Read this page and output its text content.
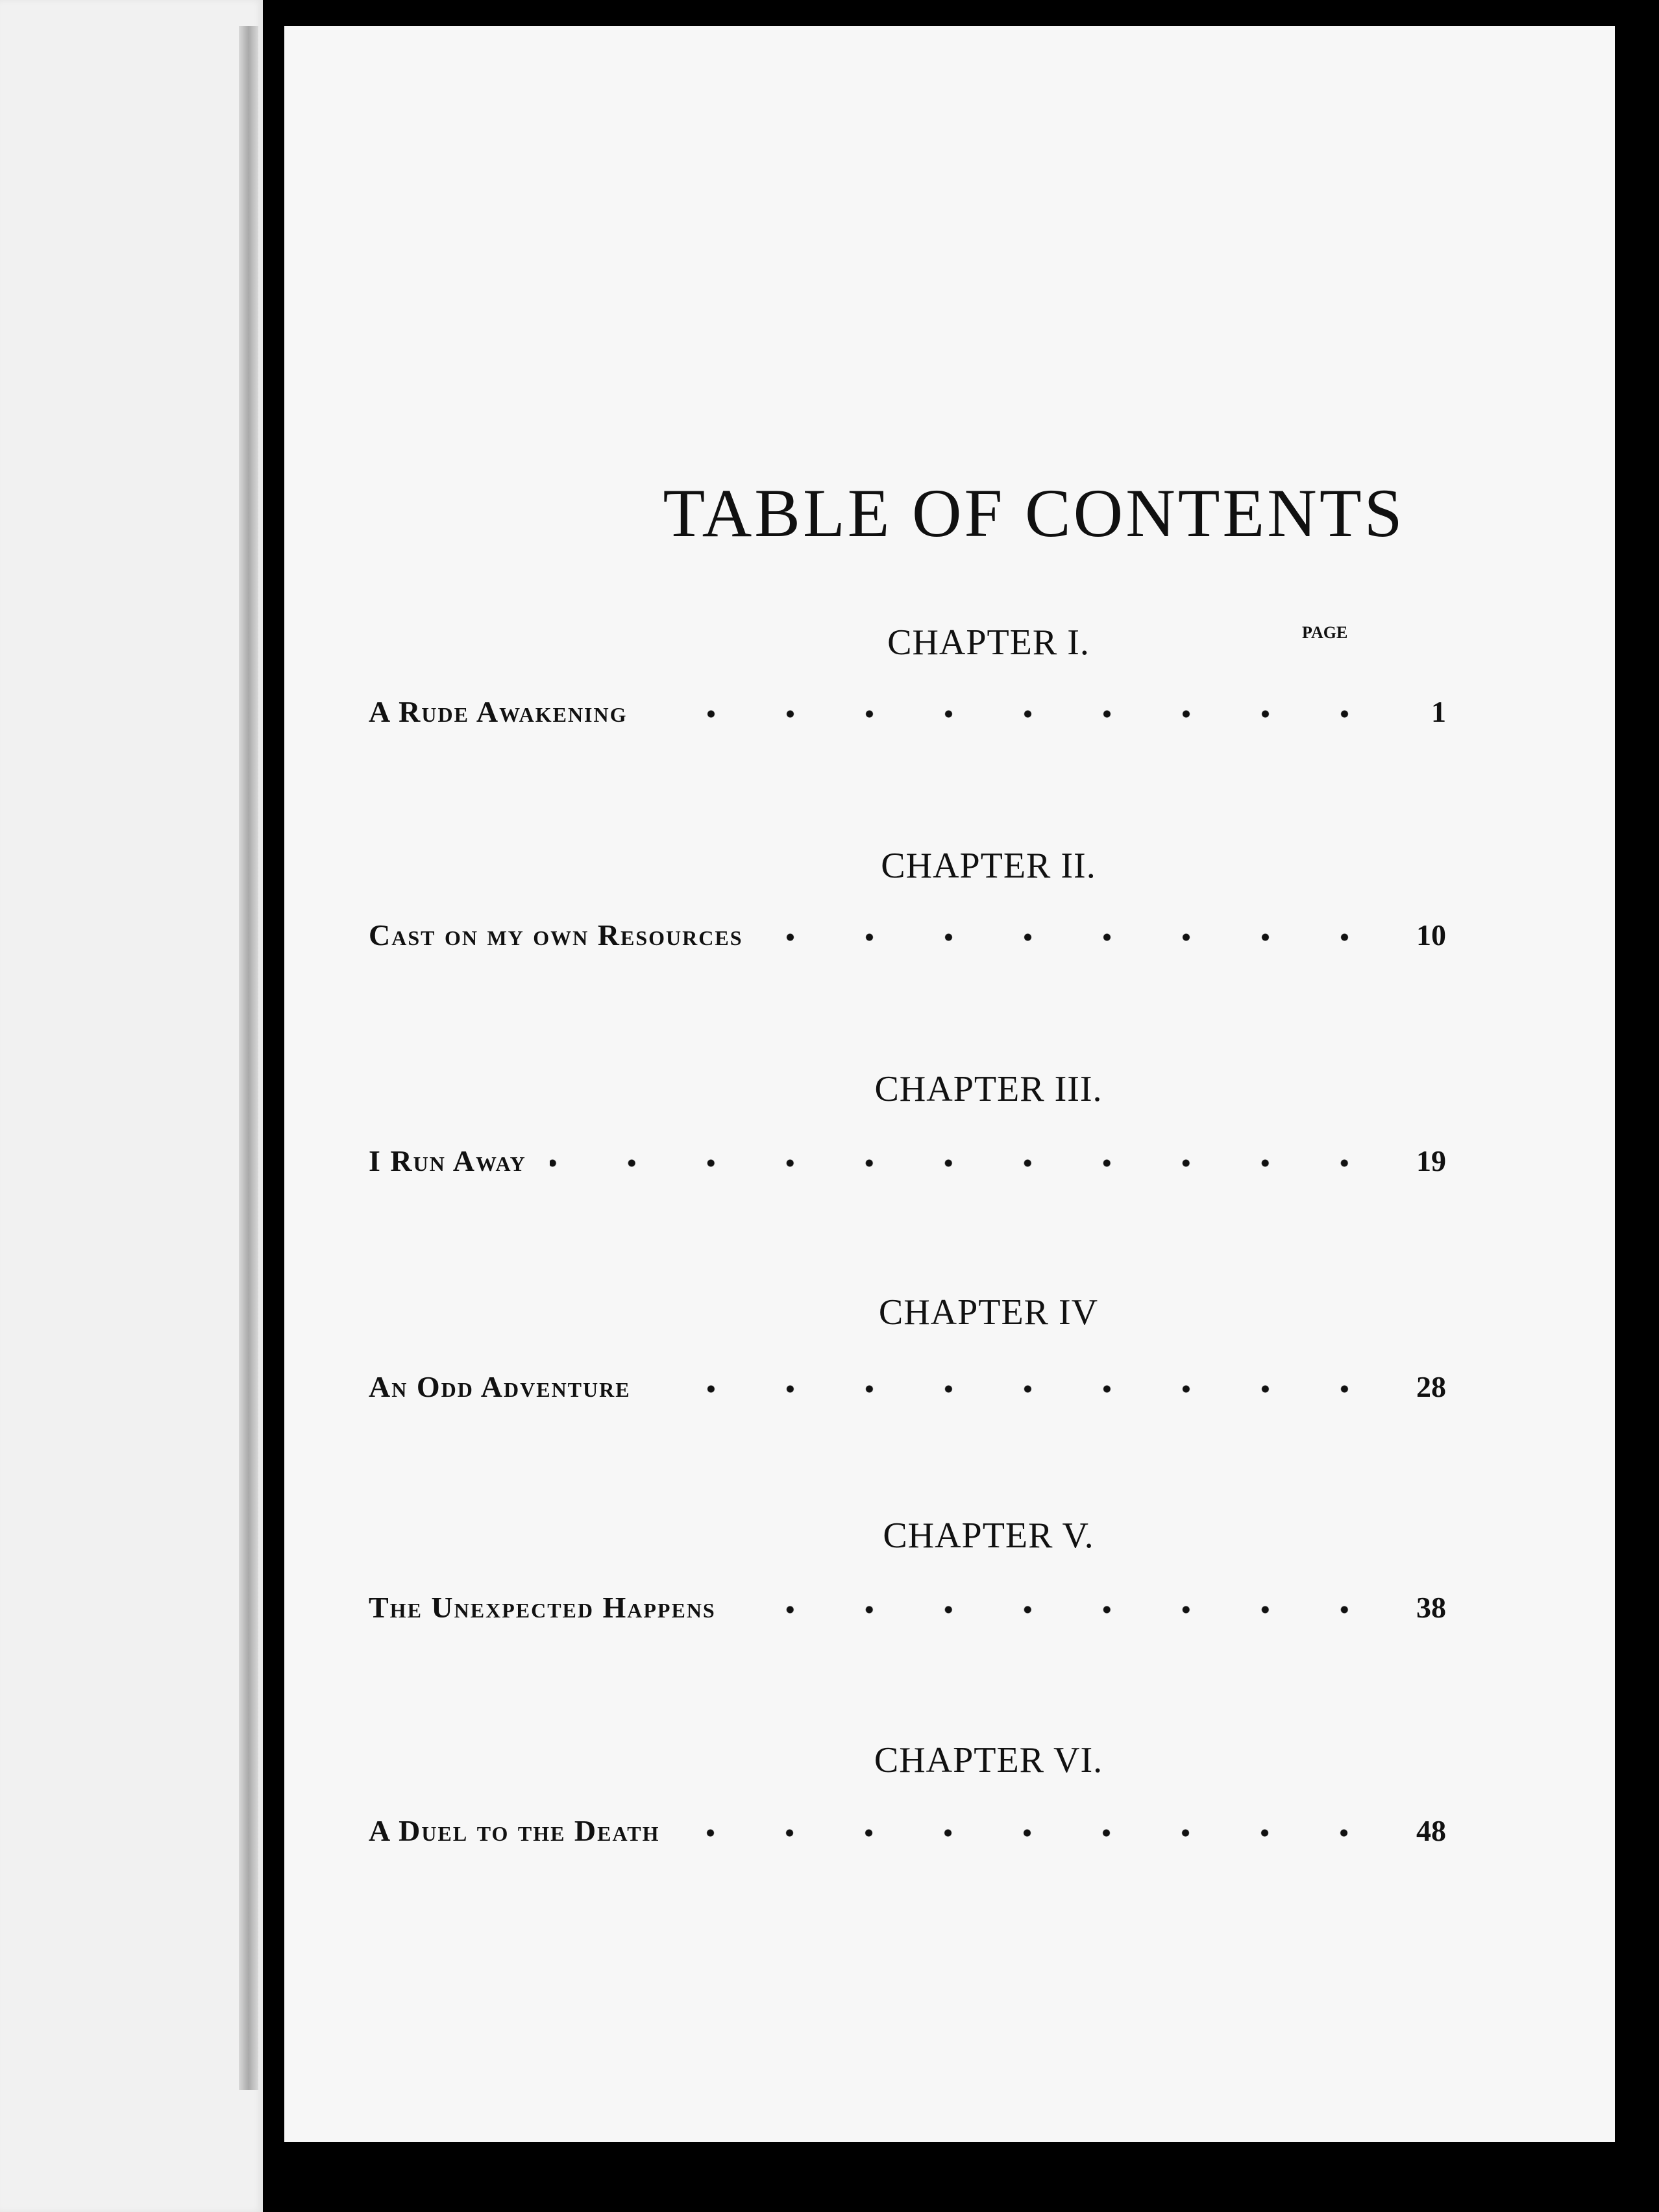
TABLE OF CONTENTS
PAGE
CHAPTER I.
A Rude Awakening	1
CHAPTER II.
Cast on my own Resources	10
CHAPTER III.
I Run Away	19
CHAPTER IV
An Odd Adventure	28
CHAPTER V.
The Unexpected Happens	38
CHAPTER VI.
A Duel to the Death	48
